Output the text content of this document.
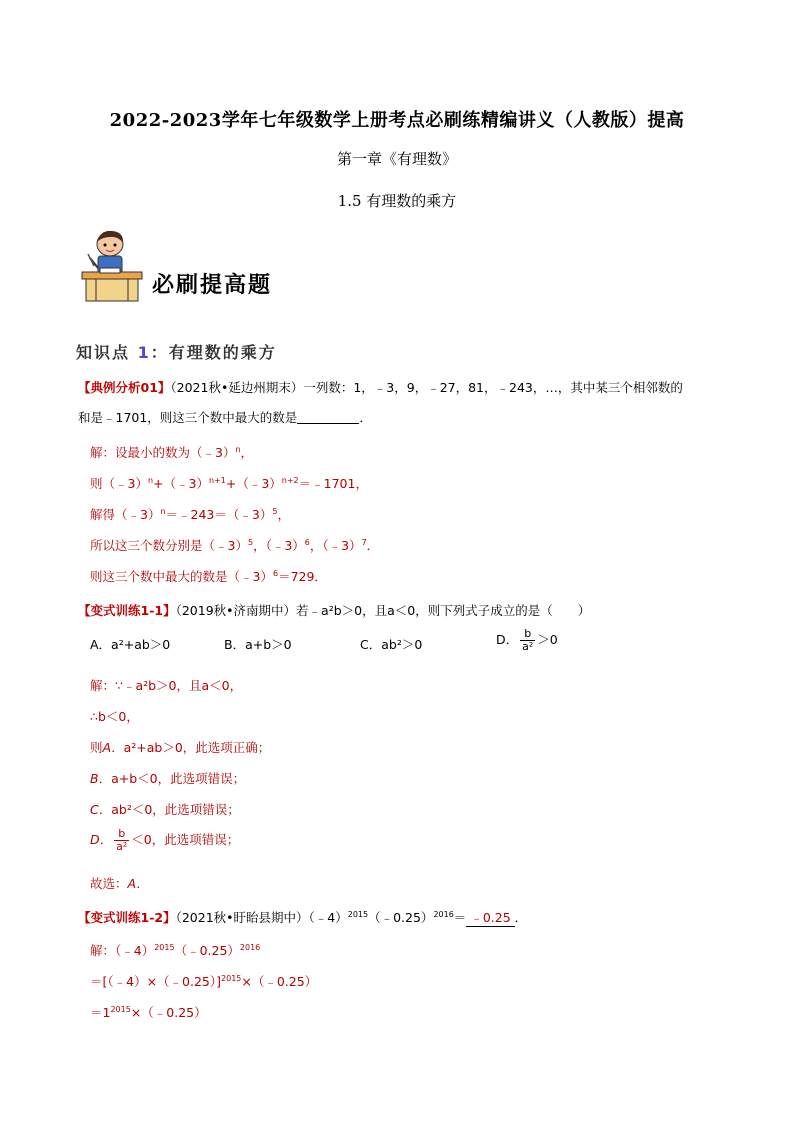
2022-2023学年七年级数学上册考点必刷练精编讲义（人教版）提高
第一章《有理数》
1.5 有理数的乘方
必刷提高题
知识点 1：有理数的乘方
【典例分析01】（2021秋•延边州期末）一列数：1，﹣3，9，﹣27，81，﹣243，…，其中某三个相邻数的
和是﹣1701，则这三个数中最大的数是	．
解：设最小的数为（﹣3）$^n$，
则（﹣3）$^n$+（﹣3）$^{n+1}$+（﹣3）$^{n+2}$＝﹣1701，
解得（﹣3）$^n$＝﹣243＝（﹣3）$^5$，
所以这三个数分别是（﹣3）$^5$，（﹣3）$^6$，（﹣3）$^7$．
则这三个数中最大的数是（﹣3）$^6$＝729．
【变式训练1-1】（2019秋•济南期中）若﹣a²b＞0，且a＜0，则下列式子成立的是（　　）
A．a²+ab＞0	B．a+b＞0	C．ab²＞0	D． $\frac{b}{\text{a²}} >0$
解：∵﹣a²b＞0，且a＜0，
∴b＜0，
则A．a²+ab＞0，此选项正确；
B．a+b＜0，此选项错误；
C．ab²＜0，此选项错误；
D． $\frac{b}{\text{a²}} <0$，此选项错误；
故选：A．
【变式训练1-2】（2021秋•盱眙县期中）（﹣4）$^{2015}$（﹣0.25）$^{2016}$＝ ﹣0.25 ．
解：（﹣4）$^{2015}$（﹣0.25）$^{2016}$
＝[（﹣4）×（﹣0.25）]$^{2015}$×（﹣0.25）
$=1^{2015}\times(﹣0.25)$
